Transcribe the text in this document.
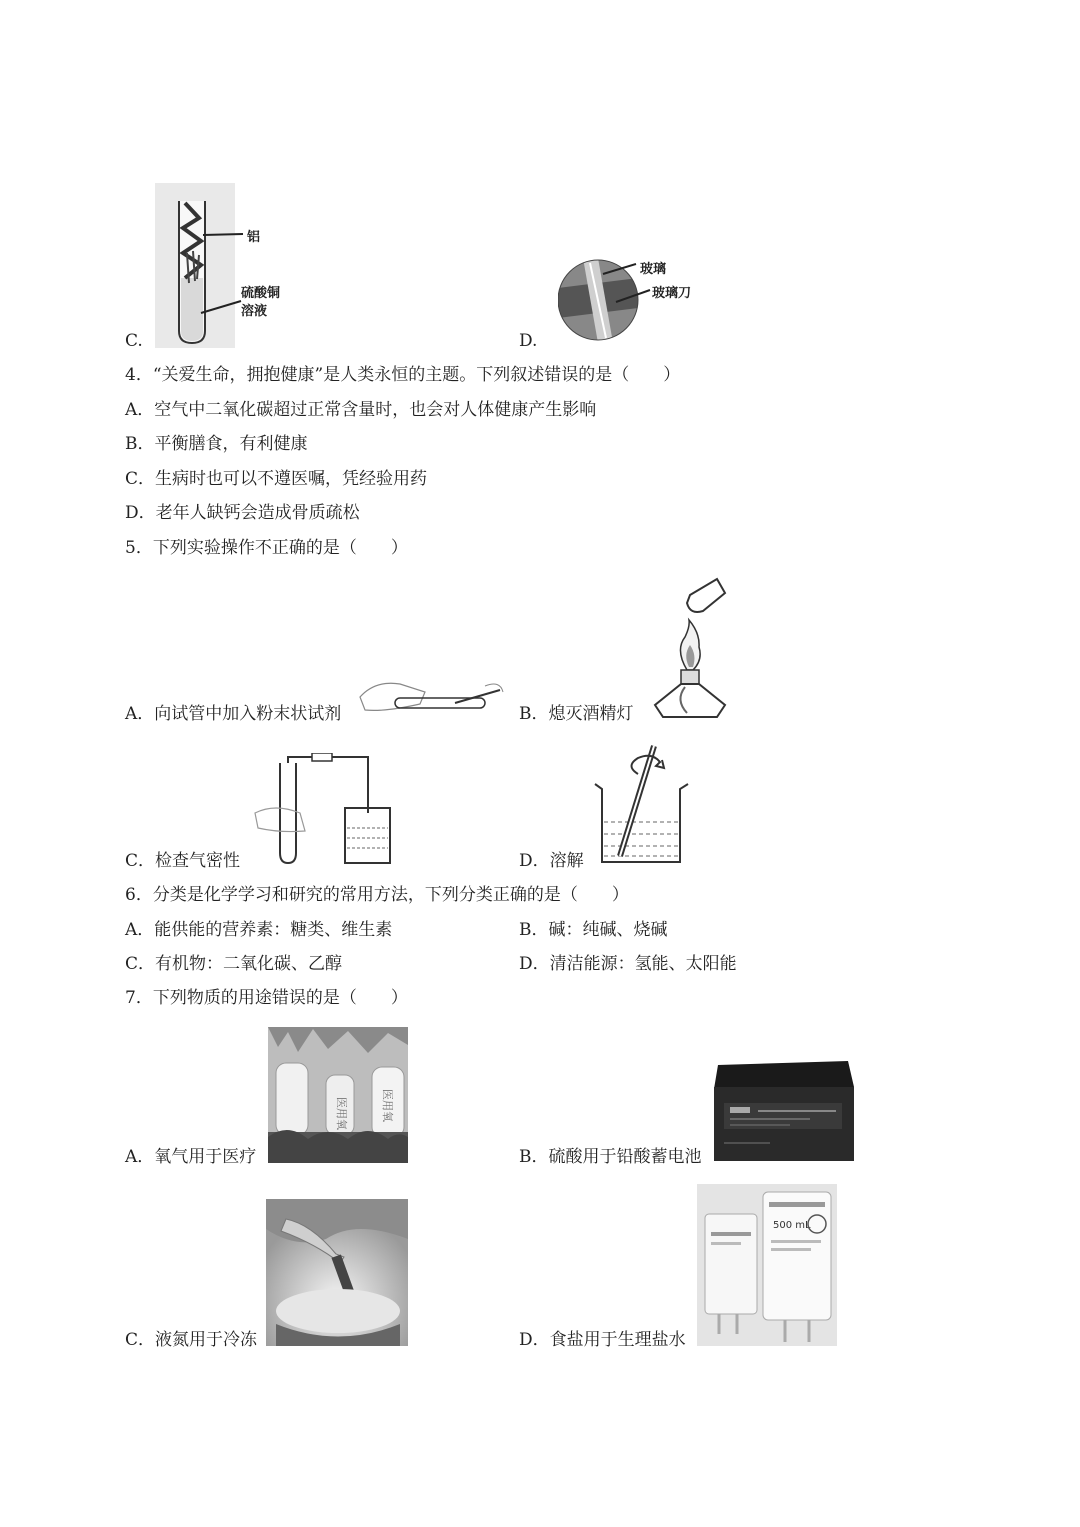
铝
硫酸铜
溶液
C.
玻璃
玻璃刀
D.
4．“关爱生命，拥抱健康”是人类永恒的主题。下列叙述错误的是（　　）
A．空气中二氧化碳超过正常含量时，也会对人体健康产生影响
B．平衡膳食，有利健康
C．生病时也可以不遵医嘱，凭经验用药
D．老年人缺钙会造成骨质疏松
5．下列实验操作不正确的是（　　）
A．向试管中加入粉末状试剂	B．熄灭酒精灯
C．检查气密性	D．溶解
6．分类是化学学习和研究的常用方法，下列分类正确的是（　　）
A．能供能的营养素：糖类、维生素	B．碱：纯碱、烧碱
C．有机物：二氧化碳、乙醇	D．清洁能源：氢能、太阳能
7．下列物质的用途错误的是（　　）
A．氧气用于医疗
医用氧	医用氧
B．硫酸用于铅酸蓄电池
C．液氮用于冷冻	D．食盐用于生理盐水
500 mL
